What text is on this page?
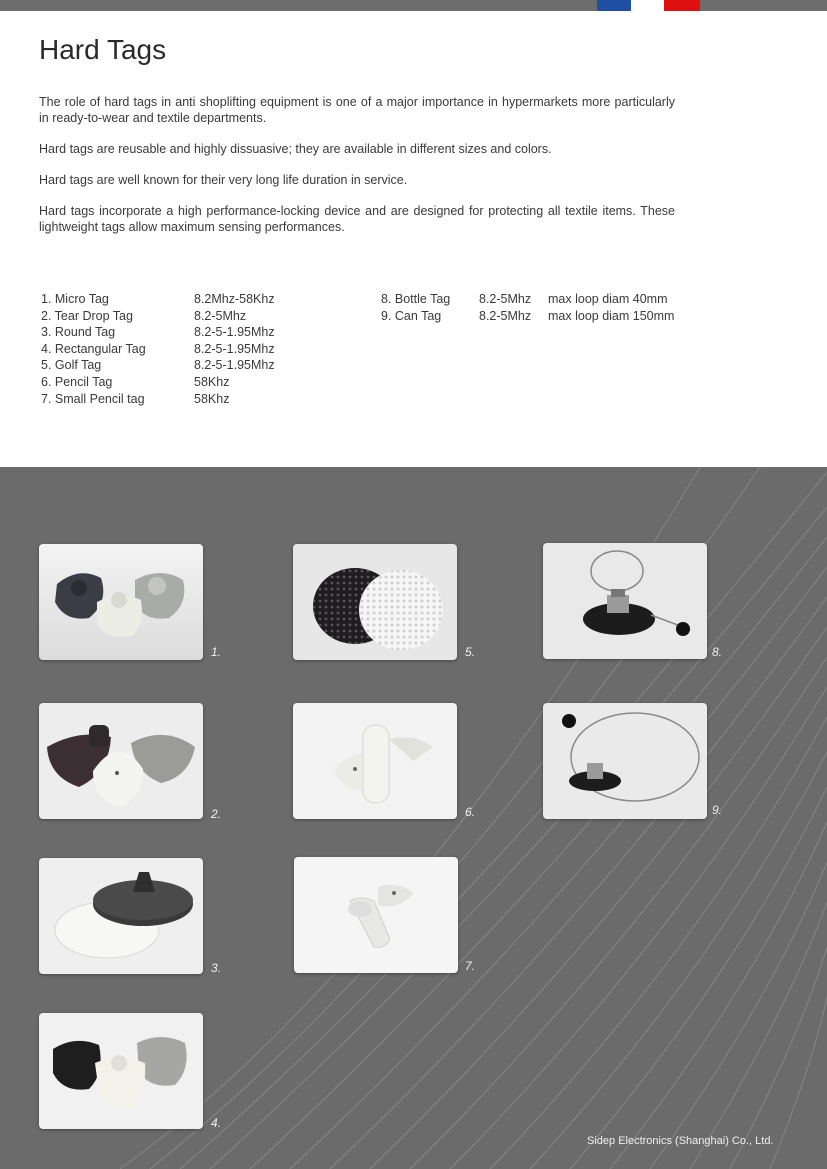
Hard Tags

The role of hard tags in anti shoplifting equipment is one of a major importance in hypermarkets more particularly in ready-to-wear and textile departments.

Hard tags are reusable and highly dissuasive; they are available in different sizes and colors.

Hard tags are well known for their very long life duration in service.

Hard tags incorporate a high performance-locking device and are designed for protecting all textile items. These lightweight tags allow maximum sensing performances.

1. Micro Tag	8.2Mhz-58Khz
2. Tear Drop Tag	8.2-5Mhz
3. Round Tag	8.2-5-1.95Mhz
4. Rectangular Tag	8.2-5-1.95Mhz
5. Golf Tag	8.2-5-1.95Mhz
6. Pencil Tag	58Khz
7. Small Pencil tag	58Khz
8. Bottle Tag 8.2-5Mhz max loop diam 40mm
9. Can Tag	8.2-5Mhz max loop diam 150mm
1.
2.
3.
4.
5.
6.
7.
8.
9.
Sidep Electronics (Shanghai) Co., Ltd.
